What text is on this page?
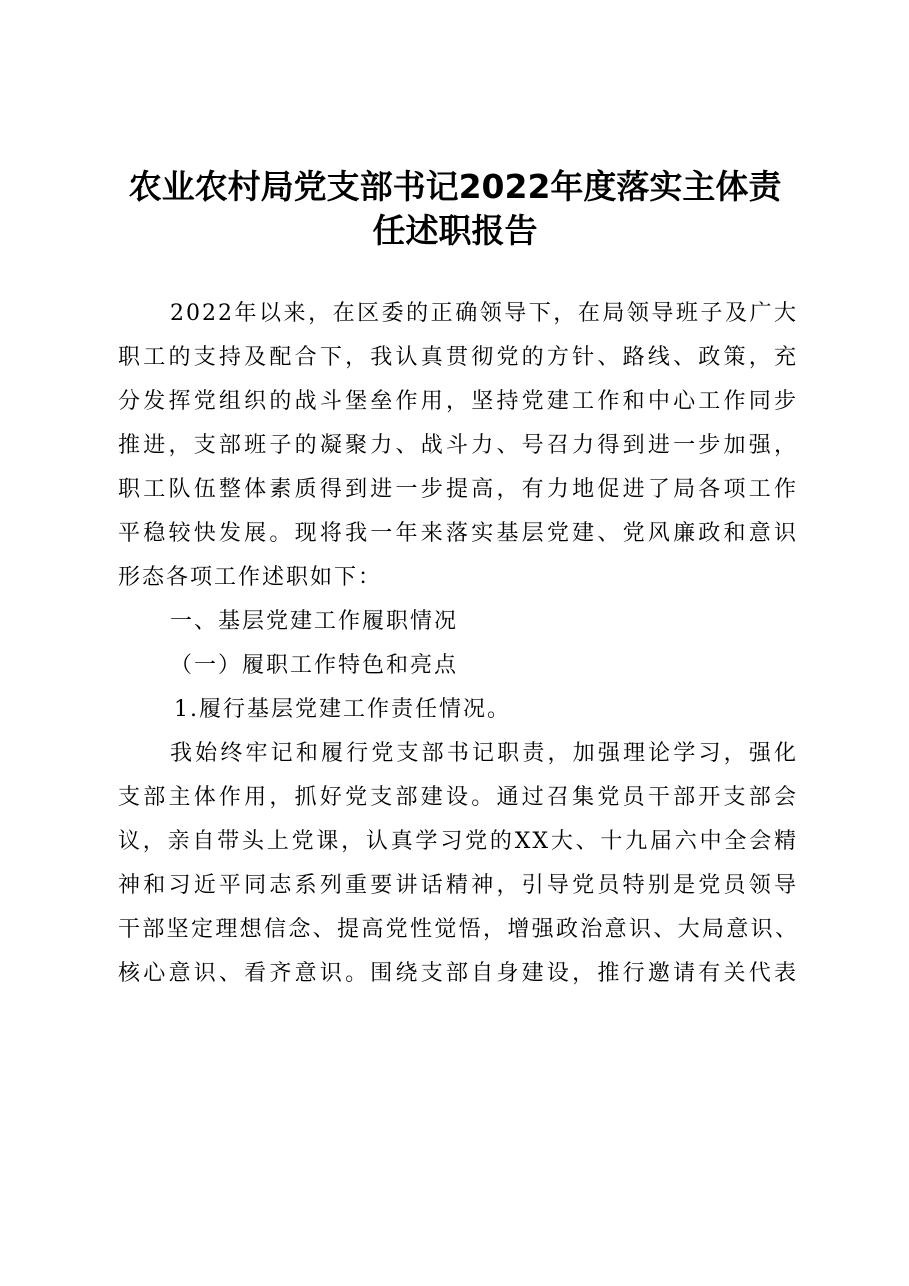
农业农村局党支部书记2022年度落实主体责
任述职报告

2022年以来，在区委的正确领导下，在局领导班子及广大

职工的支持及配合下，我认真贯彻党的方针、路线、政策，充

分发挥党组织的战斗堡垒作用，坚持党建工作和中心工作同步

推进，支部班子的凝聚力、战斗力、号召力得到进一步加强，

职工队伍整体素质得到进一步提高，有力地促进了局各项工作

平稳较快发展。现将我一年来落实基层党建、党风廉政和意识

形态各项工作述职如下：

一、基层党建工作履职情况

（一）履职工作特色和亮点

1.履行基层党建工作责任情况。

我始终牢记和履行党支部书记职责，加强理论学习，强化

支部主体作用，抓好党支部建设。通过召集党员干部开支部会

议，亲自带头上党课，认真学习党的XX大、十九届六中全会精

神和习近平同志系列重要讲话精神，引导党员特别是党员领导

干部坚定理想信念、提高党性觉悟，增强政治意识、大局意识、

核心意识、看齐意识。围绕支部自身建设，推行邀请有关代表
